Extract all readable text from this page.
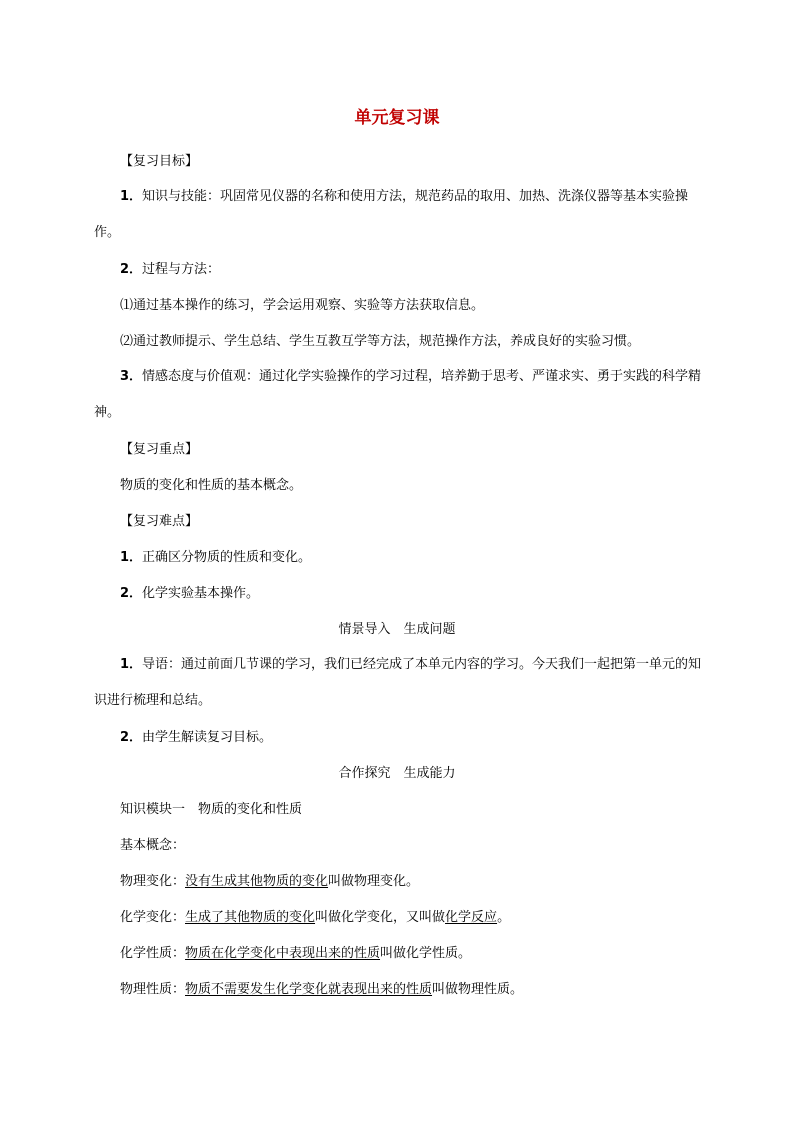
单元复习课
【复习目标】
1．知识与技能：巩固常见仪器的名称和使用方法，规范药品的取用、加热、洗涤仪器等基本实验操作。
2．过程与方法：
⑴通过基本操作的练习，学会运用观察、实验等方法获取信息。
⑵通过教师提示、学生总结、学生互教互学等方法，规范操作方法，养成良好的实验习惯。
3．情感态度与价值观：通过化学实验操作的学习过程，培养勤于思考、严谨求实、勇于实践的科学精神。
【复习重点】
物质的变化和性质的基本概念。
【复习难点】
1．正确区分物质的性质和变化。
2．化学实验基本操作。
情景导入　生成问题
1．导语：通过前面几节课的学习，我们已经完成了本单元内容的学习。今天我们一起把第一单元的知识进行梳理和总结。
2．由学生解读复习目标。
合作探究　生成能力
知识模块一　物质的变化和性质
基本概念：
物理变化：没有生成其他物质的变化叫做物理变化。
化学变化：生成了其他物质的变化叫做化学变化，又叫做化学反应。
化学性质：物质在化学变化中表现出来的性质叫做化学性质。
物理性质：物质不需要发生化学变化就表现出来的性质叫做物理性质。
